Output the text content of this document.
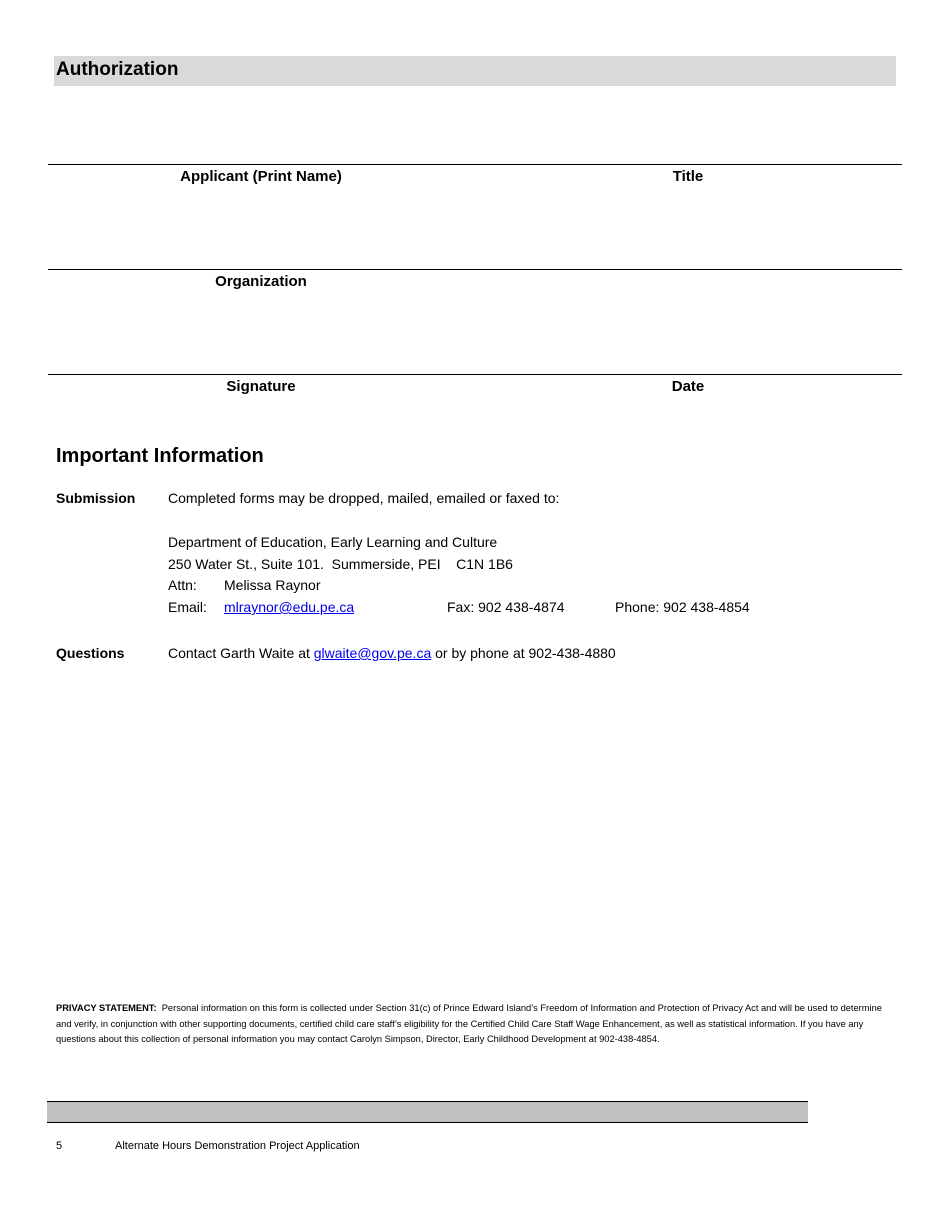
Authorization
Applicant (Print Name)	Title
Organization
Signature	Date
Important Information
Submission Completed forms may be dropped, mailed, emailed or faxed to:
Department of Education, Early Learning and Culture
250 Water St., Suite 101.  Summerside, PEI    C1N 1B6
Attn: Melissa Raynor
Email: mlraynor@edu.pe.ca	Fax: 902 438-4874	Phone: 902 438-4854
Questions	Contact Garth Waite at glwaite@gov.pe.ca or by phone at 902-438-4880
PRIVACY STATEMENT: Personal information on this form is collected under Section 31(c) of Prince Edward Island’s Freedom of Information and Protection of Privacy Act and will be used to determine and verify, in conjunction with other supporting documents, certified child care staff’s eligibility for the Certified Child Care Staff Wage Enhancement, as well as statistical information. If you have any questions about this collection of personal information you may contact Carolyn Simpson, Director, Early Childhood Development at 902-438-4854.
5	Alternate Hours Demonstration Project Application
